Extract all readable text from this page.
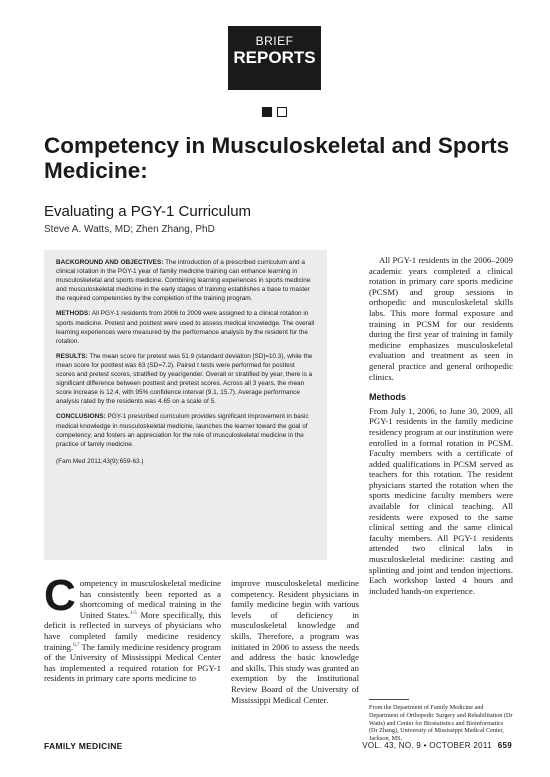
BRIEF
REPORTS
Competency in Musculoskeletal and Sports Medicine:
Evaluating a PGY-1 Curriculum
Steve A. Watts, MD; Zhen Zhang, PhD

BACKGROUND AND OBJECTIVES: The introduction of a prescribed curriculum and a clinical rotation in the PGY-1 year of family medicine training can enhance learning in musculoskeletal and sports medicine. Combining learning experiences in sports medicine and musculoskeletal medicine in the early stages of training establishes a base to master the required competencies by the completion of the training program.

METHODS: All PGY-1 residents from 2006 to 2009 were assigned to a clinical rotation in sports medicine. Pretest and posttest were used to assess medical knowledge. The overall learning experiences were measured by the performance analysis by the resident for the rotation.

RESULTS: The mean score for pretest was 51.9 (standard deviation [SD]=10.3), while the mean score for posttest was 63 (SD=7.2). Paired t tests were performed for posttest scores and pretest scores, stratified by year/gender. Overall or stratified by year, there is a significant difference between posttest and pretest scores. Across all 3 years, the mean score increase is 12.4, with 95% confidence interval (9.1, 15.7). Average performance analysis rated by the residents was 4.65 on a scale of 5.

CONCLUSIONS: PGY-1 prescribed curriculum provides significant improvement in basic medical knowledge in musculoskeletal medicine, launches the learner toward the goal of competency, and fosters an appreciation for the role of musculoskeletal medicine in the practice of family medicine.

(Fam Med 2011;43(9):659-63.)

Competency in musculoskeletal medicine has consistently been reported as a shortcoming of medical training in the United States.$^{1-5}$ More specifically, this deficit is reflected in surveys of physicians who have completed family medicine residency training.$^{6,7}$ The family medicine residency program of the University of Mississippi Medical Center has implemented a required rotation for PGY-1 residents in primary care sports medicine to

improve musculoskeletal medicine competency. Resident physicians in family medicine begin with various levels of deficiency in musculoskeletal knowledge and skills. Therefore, a program was initiated in 2006 to assess the needs and address the basic knowledge and skills. This study was granted an exemption by the Institutional Review Board of the University of Mississippi Medical Center.

All PGY-1 residents in the 2006–2009 academic years completed a clinical rotation in primary care sports medicine (PCSM) and group sessions in orthopedic and musculoskeletal skills labs. This more formal exposure and training in PCSM for our residents during the first year of training in family medicine emphasizes musculoskeletal evaluation and treatment as seen in general practice and general orthopedic clinics.

Methods

From July 1, 2006, to June 30, 2009, all PGY-1 residents in the family medicine residency program at our institution were enrolled in a formal rotation in PCSM. Faculty members with a certificate of added qualifications in PCSM served as teachers for this rotation. The resident physicians started the rotation when the sports medicine faculty members were available for clinical teaching. All residents were exposed to the same clinical setting and the same clinical faculty members. All PGY-1 residents attended two clinical labs in musculoskeletal medicine: casting and splinting and joint and tendon injections. Each workshop lasted 4 hours and included hands-on experience.

From the Department of Family Medicine and Department of Orthopedic Surgery and Rehabilitation (Dr Watts) and Center for Biostatistics and Bioinformatics (Dr Zhang), University of Mississippi Medical Center, Jackson, MS.
FAMILY MEDICINE	VOL. 43, NO. 9 • OCTOBER 2011 659
